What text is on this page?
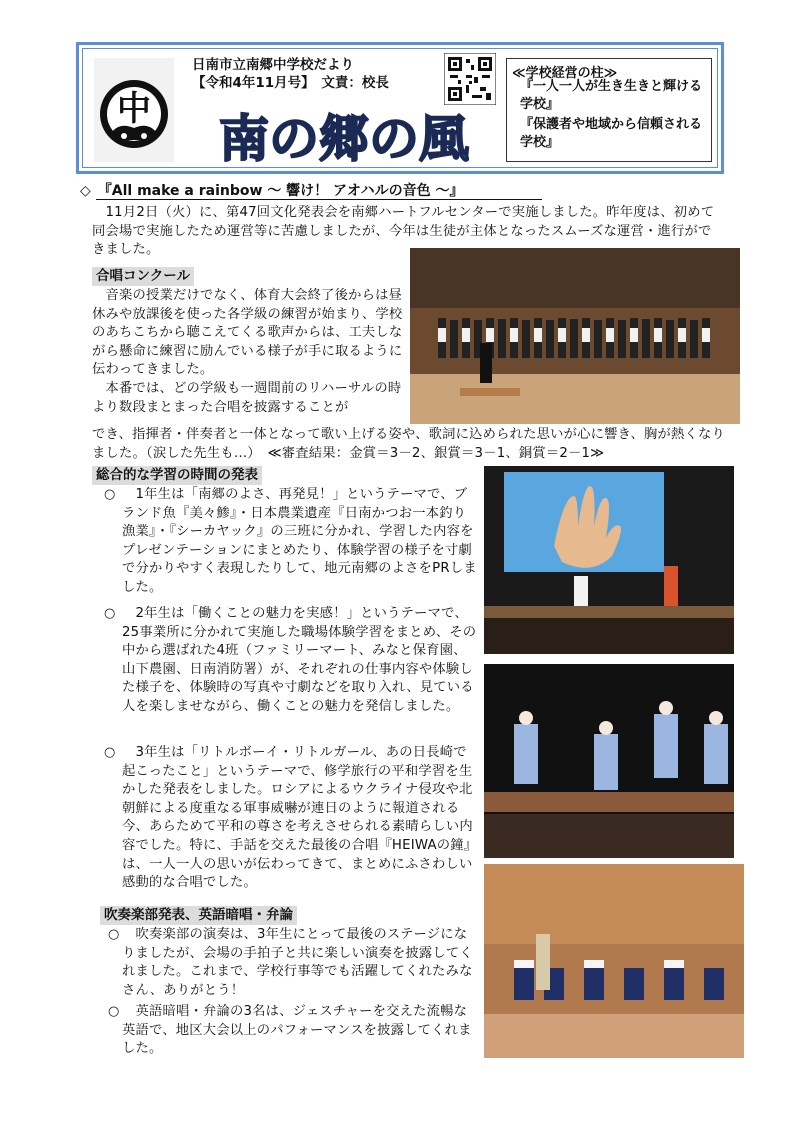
中
日南市立南郷中学校だより
【令和4年11月号】　文責：校長
南の郷の風
≪学校経営の柱≫
『一人一人が生き生きと輝ける学校』
『保護者や地域から信頼される学校』
◇　『All make a rainbow ～ 響け！ アオハルの音色 ～』
　11月2日（火）に、第47回文化発表会を南郷ハートフルセンターで実施しました。昨年度は、初めて同会場で実施したため運営等に苦慮しましたが、今年は生徒が主体となったスムーズな運営・進行ができました。
合唱コンクール
　音楽の授業だけでなく、体育大会終了後からは昼休みや放課後を使った各学級の練習が始まり、学校のあちこちから聴こえてくる歌声からは、工夫しながら懸命に練習に励んでいる様子が手に取るように伝わってきました。
　本番では、どの学級も一週間前のリハーサルの時より数段まとまった合唱を披露することが
でき、指揮者・伴奏者と一体となって歌い上げる姿や、歌詞に込められた思いが心に響き、胸が熱くなりました。（涙した先生も…）　≪審査結果：金賞＝3－2、銀賞＝3－1、銅賞＝2－1≫
総合的な学習の時間の発表
○ 　1年生は「南郷のよさ、再発見！」というテーマで、ブランド魚『美々鯵』・日本農業遺産『日南かつお一本釣り漁業』・『シーカヤック』の三班に分かれ、学習した内容をプレゼンテーションにまとめたり、体験学習の様子を寸劇で分かりやすく表現したりして、地元南郷のよさをPRしました。
○ 　2年生は「働くことの魅力を実感！」というテーマで、25事業所に分かれて実施した職場体験学習をまとめ、その中から選ばれた4班（ファミリーマート、みなと保育園、山下農園、日南消防署）が、それぞれの仕事内容や体験した様子を、体験時の写真や寸劇などを取り入れ、見ている人を楽しませながら、働くことの魅力を発信しました。
○ 　3年生は「リトルボーイ・リトルガール、あの日長崎で起こったこと」というテーマで、修学旅行の平和学習を生かした発表をしました。ロシアによるウクライナ侵攻や北朝鮮による度重なる軍事威嚇が連日のように報道される今、あらためて平和の尊さを考えさせられる素晴らしい内容でした。特に、手話を交えた最後の合唱『HEIWAの鐘』は、一人一人の思いが伝わってきて、まとめにふさわしい感動的な合唱でした。
吹奏楽部発表、英語暗唱・弁論
○ 　吹奏楽部の演奏は、3年生にとって最後のステージになりましたが、会場の手拍子と共に楽しい演奏を披露してくれました。これまで、学校行事等でも活躍してくれたみなさん、ありがとう！
○ 　英語暗唱・弁論の3名は、ジェスチャーを交えた流暢な英語で、地区大会以上のパフォーマンスを披露してくれました。
